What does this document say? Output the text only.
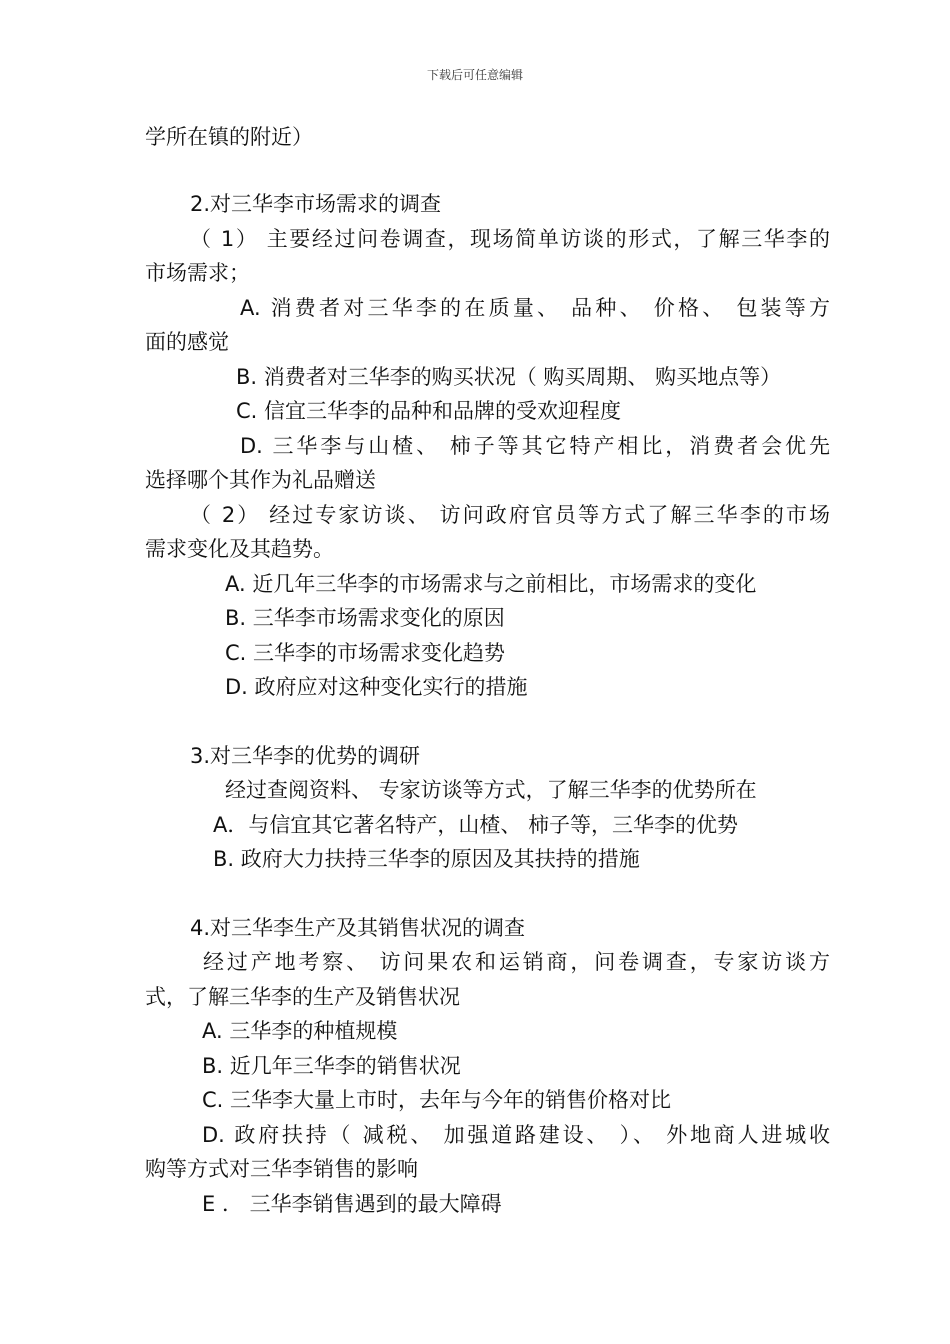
下载后可任意编辑
学所在镇的附近）
2.对三华李市场需求的调查
（ 1） 主要经过问卷调查，现场简单访谈的形式，了解三华李的
市场需求；
A. 消费者对三华李的在质量、 品种、 价格、 包装等方
面的感觉
B. 消费者对三华李的购买状况（ 购买周期、 购买地点等）
C. 信宜三华李的品种和品牌的受欢迎程度
D. 三华李与山楂、 柿子等其它特产相比，消费者会优先
选择哪个其作为礼品赠送
（ 2） 经过专家访谈、 访问政府官员等方式了解三华李的市场
需求变化及其趋势。
A. 近几年三华李的市场需求与之前相比，市场需求的变化
B. 三华李市场需求变化的原因
C. 三华李的市场需求变化趋势
D. 政府应对这种变化实行的措施
3.对三华李的优势的调研
经过查阅资料、 专家访谈等方式，了解三华李的优势所在
A．与信宜其它著名特产，山楂、 柿子等，三华李的优势
B. 政府大力扶持三华李的原因及其扶持的措施
4.对三华李生产及其销售状况的调查
经过产地考察、 访问果农和运销商，问卷调查，专家访谈方
式，了解三华李的生产及销售状况
A. 三华李的种植规模
B. 近几年三华李的销售状况
C. 三华李大量上市时，去年与今年的销售价格对比
D. 政府扶持（ 减税、 加强道路建设、 ）、 外地商人进城收
购等方式对三华李销售的影响
E ． 三华李销售遇到的最大障碍
